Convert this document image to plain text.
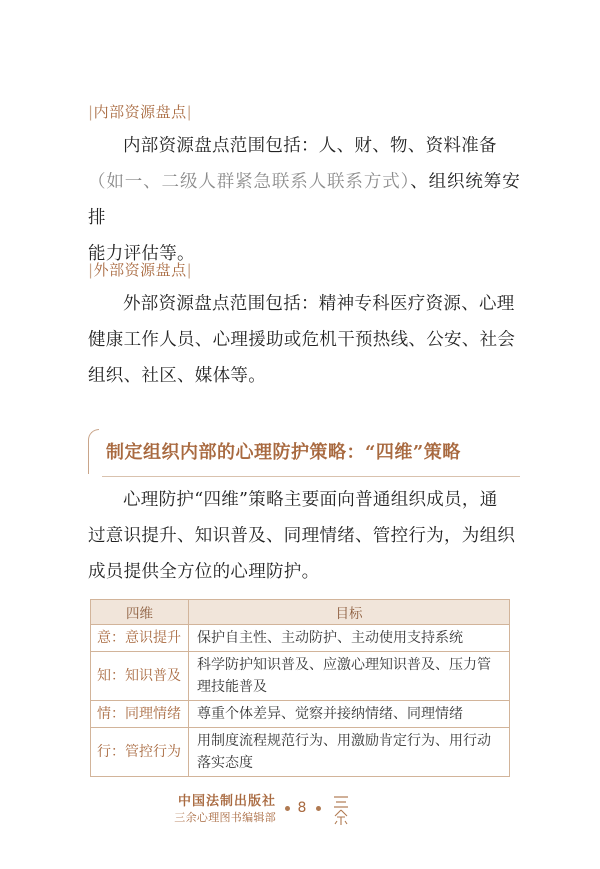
|内部资源盘点|
内部资源盘点范围包括：人、财、物、资料准备
（如一、二级人群紧急联系人联系方式）、组织统筹安排
能力评估等。
|外部资源盘点|
外部资源盘点范围包括：精神专科医疗资源、心理
健康工作人员、心理援助或危机干预热线、公安、社会
组织、社区、媒体等。
制定组织内部的心理防护策略：“四维”策略
心理防护“四维”策略主要面向普通组织成员，通
过意识提升、知识普及、同理情绪、管控行为，为组织
成员提供全方位的心理防护。
四维	目标
意：意识提升	保护自主性、主动防护、主动使用支持系统
知：知识普及	科学防护知识普及、应激心理知识普及、压力管理技能普及
情：同理情绪	尊重个体差异、觉察并接纳情绪、同理情绪
行：管控行为	用制度流程规范行为、用激励肯定行为、用行动落实态度
中国法制出版社
三余心理图书编辑部
8
